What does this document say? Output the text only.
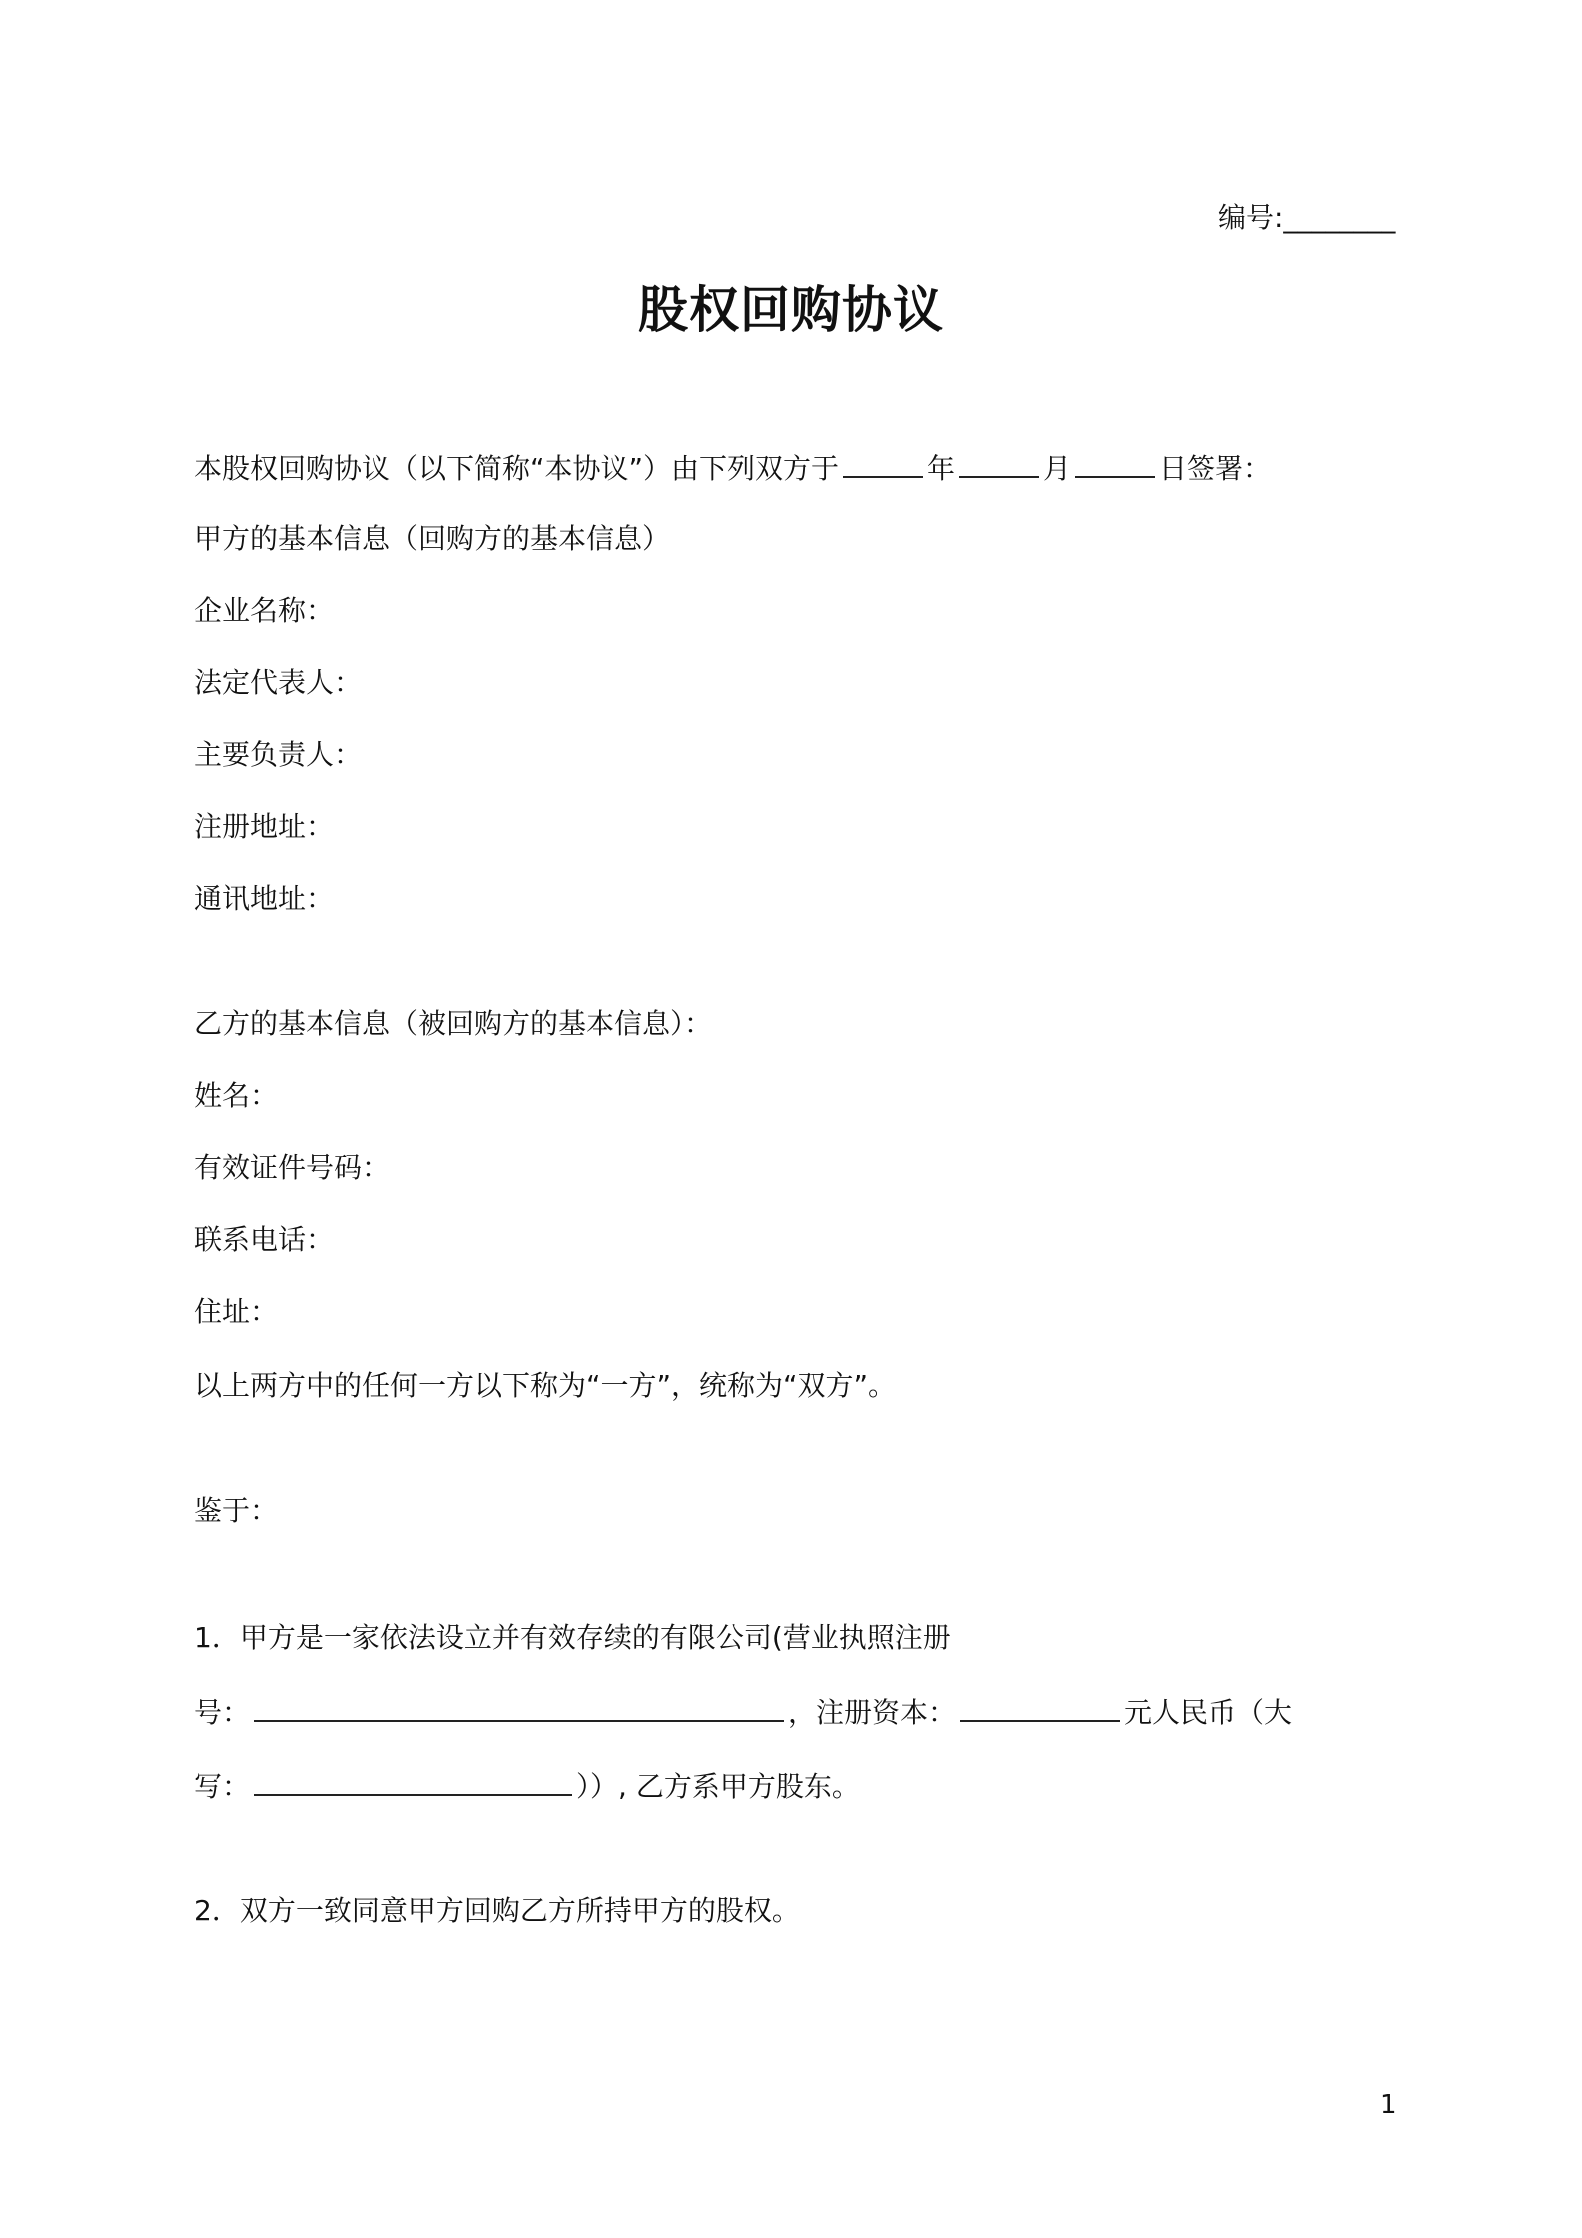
编号:________
股权回购协议
本股权回购协议（以下简称“本协议”）由下列双方于	年	月	日签署：
甲方的基本信息（回购方的基本信息）
企业名称：
法定代表人：
主要负责人：
注册地址：
通讯地址：
乙方的基本信息（被回购方的基本信息）：
姓名：
有效证件号码：
联系电话：
住址：
以上两方中的任何一方以下称为“一方”，统称为“双方”。
鉴于：
1．甲方是一家依法设立并有效存续的有限公司(营业执照注册
号：	，注册资本：	元人民币（大
写：	））, 乙方系甲方股东。
2．双方一致同意甲方回购乙方所持甲方的股权。
1
